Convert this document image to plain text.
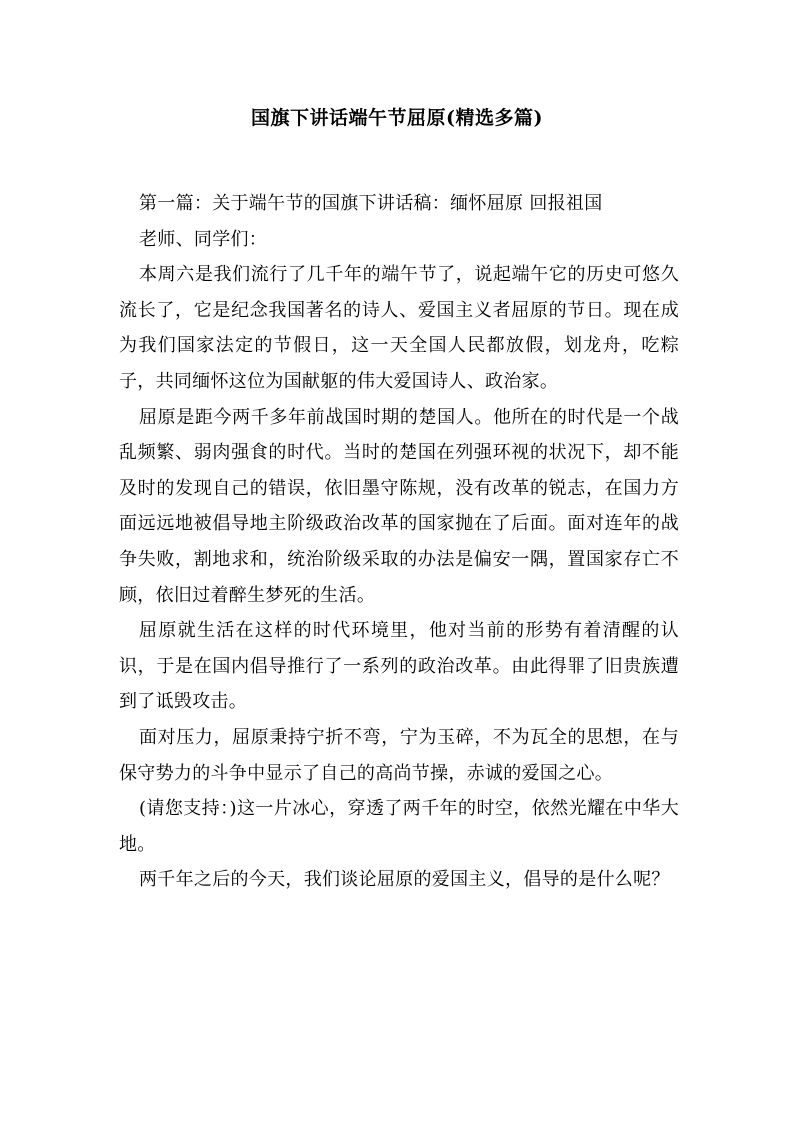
国旗下讲话端午节屈原(精选多篇)

第一篇：关于端午节的国旗下讲话稿：缅怀屈原 回报祖国

老师、同学们：

本周六是我们流行了几千年的端午节了，说起端午它的历史可悠久流长了，它是纪念我国著名的诗人、爱国主义者屈原的节日。现在成为我们国家法定的节假日，这一天全国人民都放假，划龙舟，吃粽子，共同缅怀这位为国献躯的伟大爱国诗人、政治家。

屈原是距今两千多年前战国时期的楚国人。他所在的时代是一个战乱频繁、弱肉强食的时代。当时的楚国在列强环视的状况下，却不能及时的发现自己的错误，依旧墨守陈规，没有改革的锐志，在国力方面远远地被倡导地主阶级政治改革的国家抛在了后面。面对连年的战争失败，割地求和，统治阶级采取的办法是偏安一隅，置国家存亡不顾，依旧过着醉生梦死的生活。

屈原就生活在这样的时代环境里，他对当前的形势有着清醒的认识，于是在国内倡导推行了一系列的政治改革。由此得罪了旧贵族遭到了诋毁攻击。

面对压力，屈原秉持宁折不弯，宁为玉碎，不为瓦全的思想，在与保守势力的斗争中显示了自己的高尚节操，赤诚的爱国之心。

(请您支持：)这一片冰心，穿透了两千年的时空，依然光耀在中华大地。

两千年之后的今天，我们谈论屈原的爱国主义，倡导的是什么呢？
